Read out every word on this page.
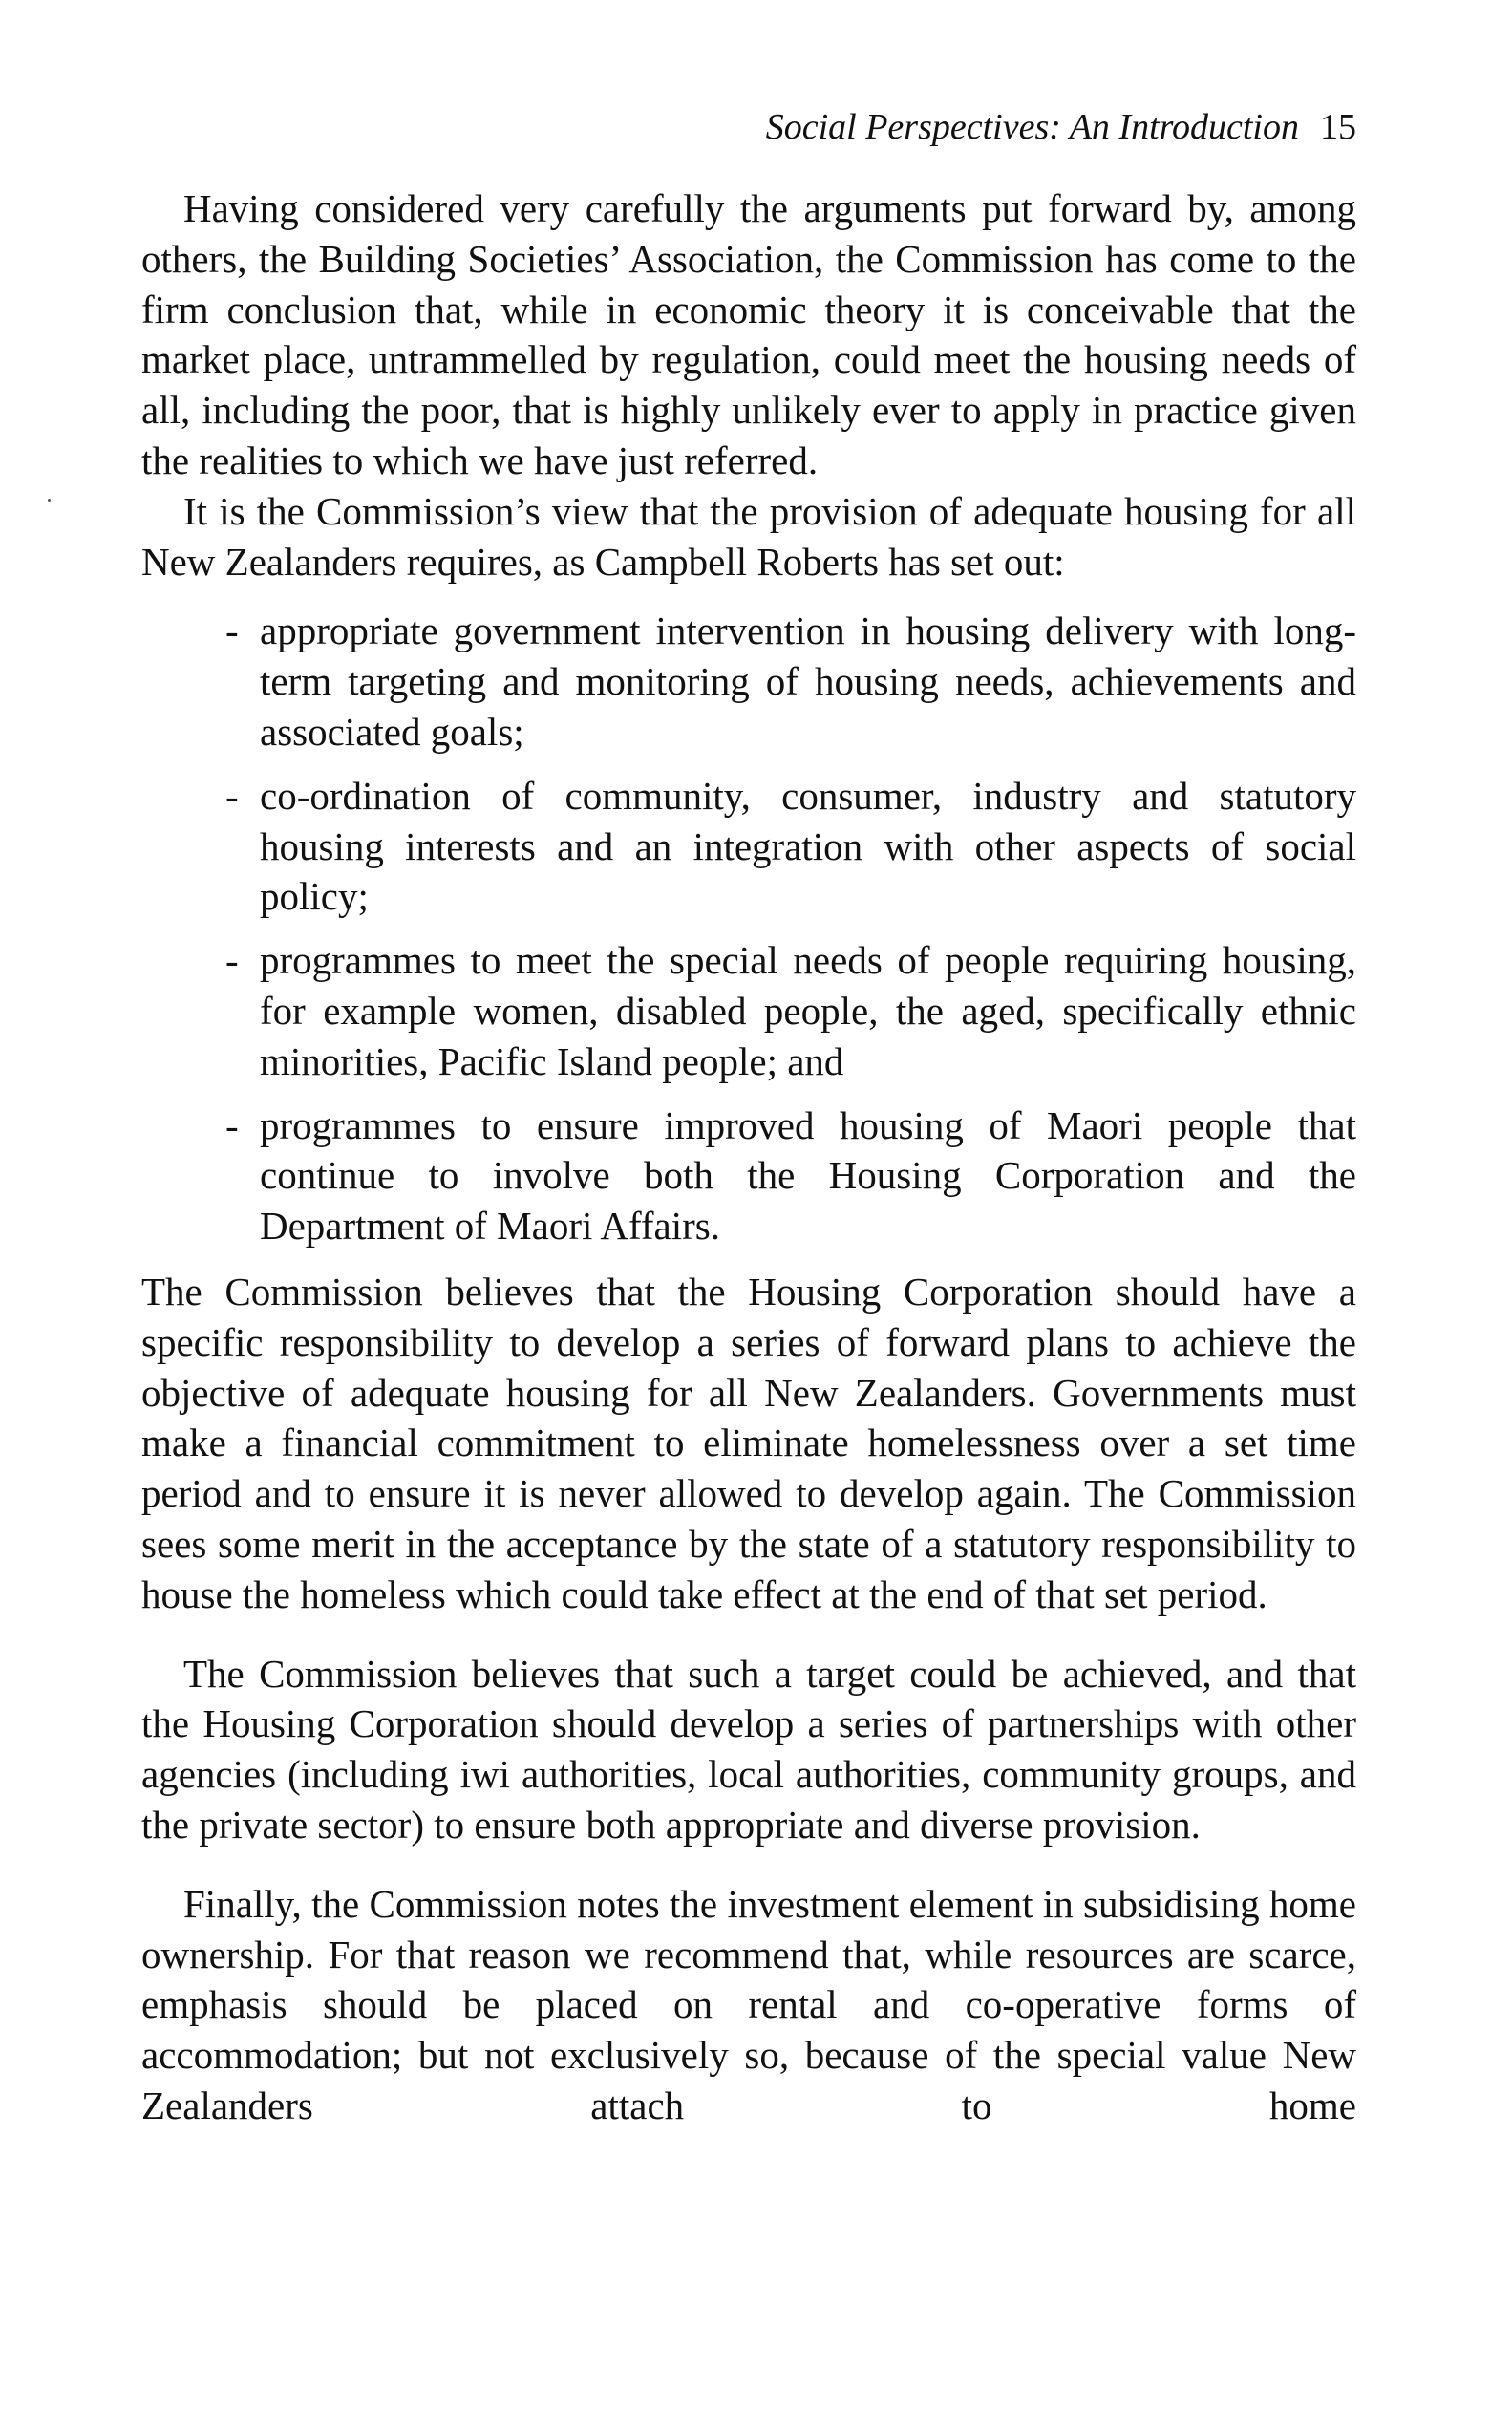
Social Perspectives: An Introduction 15

Having considered very carefully the arguments put forward by, among others, the Building Societies’ Association, the Commission has come to the firm conclusion that, while in economic theory it is conceivable that the market place, untrammelled by regulation, could meet the housing needs of all, including the poor, that is highly unlikely ever to apply in practice given the realities to which we have just referred.

It is the Commission’s view that the provision of adequate housing for all New Zealanders requires, as Campbell Roberts has set out:

- appropriate government intervention in housing delivery with long-term targeting and monitoring of housing needs, achievements and associated goals;
- co-ordination of community, consumer, industry and statutory housing interests and an integration with other aspects of social policy;
- programmes to meet the special needs of people requiring housing, for example women, disabled people, the aged, specifically ethnic minorities, Pacific Island people; and
- programmes to ensure improved housing of Maori people that continue to involve both the Housing Corporation and the Department of Maori Affairs.

The Commission believes that the Housing Corporation should have a specific responsibility to develop a series of forward plans to achieve the objective of adequate housing for all New Zealanders. Governments must make a financial commitment to eliminate homelessness over a set time period and to ensure it is never allowed to develop again. The Commission sees some merit in the acceptance by the state of a statutory responsibility to house the homeless which could take effect at the end of that set period.

The Commission believes that such a target could be achieved, and that the Housing Corporation should develop a series of partnerships with other agencies (including iwi authorities, local authorities, community groups, and the private sector) to ensure both appropriate and diverse provision.

Finally, the Commission notes the investment element in subsidising home ownership. For that reason we recommend that, while resources are scarce, emphasis should be placed on rental and co-operative forms of accommodation; but not exclusively so, because of the special value New Zealanders attach to home
